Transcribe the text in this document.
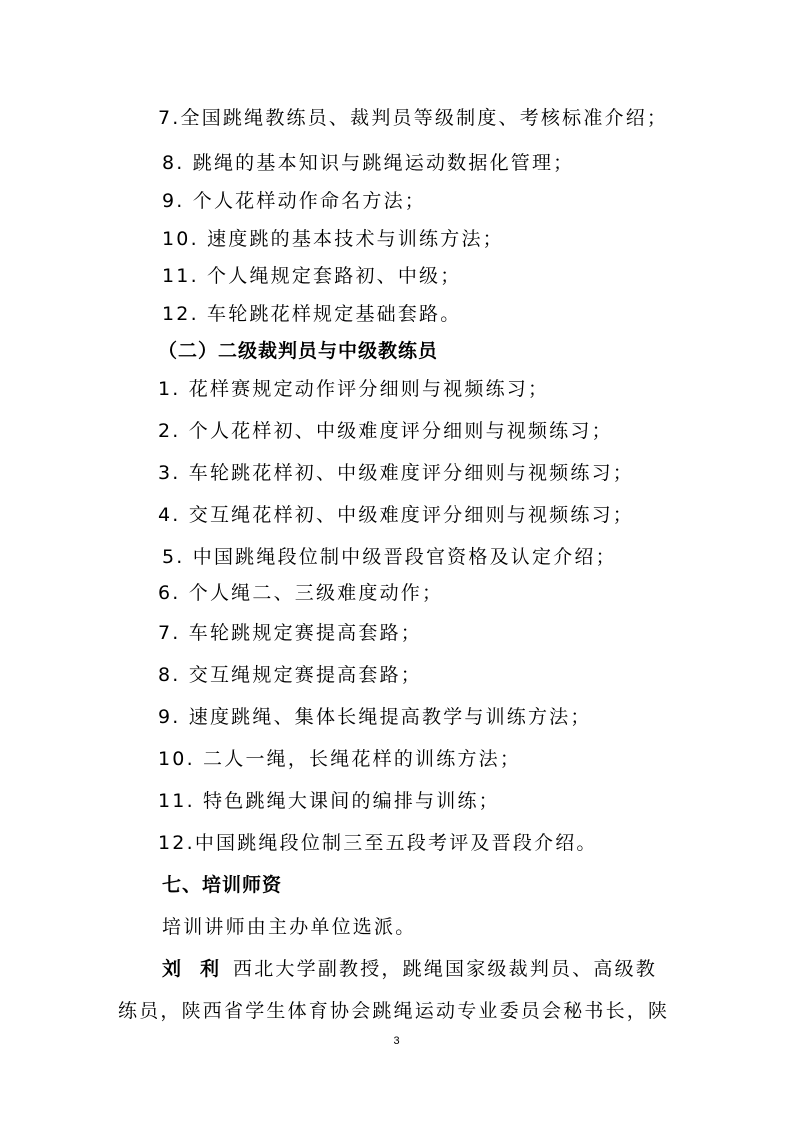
7.全国跳绳教练员、裁判员等级制度、考核标准介绍；
8. 跳绳的基本知识与跳绳运动数据化管理；
9. 个人花样动作命名方法；
10. 速度跳的基本技术与训练方法；
11. 个人绳规定套路初、中级；
12. 车轮跳花样规定基础套路。
（二）二级裁判员与中级教练员
1. 花样赛规定动作评分细则与视频练习；
2. 个人花样初、中级难度评分细则与视频练习；
3. 车轮跳花样初、中级难度评分细则与视频练习；
4. 交互绳花样初、中级难度评分细则与视频练习；
5. 中国跳绳段位制中级晋段官资格及认定介绍；
6. 个人绳二、三级难度动作；
7. 车轮跳规定赛提高套路；
8. 交互绳规定赛提高套路；
9. 速度跳绳、集体长绳提高教学与训练方法；
10. 二人一绳，长绳花样的训练方法；
11. 特色跳绳大课间的编排与训练；
12.中国跳绳段位制三至五段考评及晋段介绍。
七、培训师资
培训讲师由主办单位选派。
刘　利 西北大学副教授，跳绳国家级裁判员、高级教
练员，陕西省学生体育协会跳绳运动专业委员会秘书长，陕
3
